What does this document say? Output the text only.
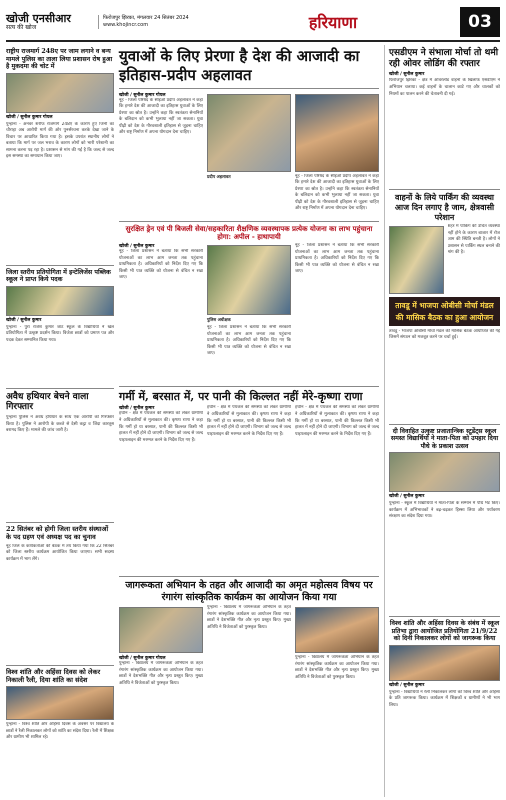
खोजी एनसीआर
सत्य की खोज
फिरोजपुर झिरका, मंगलवार 24 सितंबर 2024
www.khojincr.com	हरियाणा	03
राष्ट्रीय राजमार्ग 248ए पर जाम लगाने व बन्य मामले पुलिस का ताला लिया प्रशासन रोष हुआ है मुकदमा की चोट में
खोजी / सुनील कुमार गोयल
पुन्हाना - अनवर शरीफ राजमार्ग 248ए के कारण हुए जिनी का चौराहा अब आरोपी मार्ग की ओर पुनर्संरचना करके देखा जाने के विचार पर आधारित किया गया है। इसके उपरांत स्थानीय लोगों ने बताया कि मार्ग पर जल भराव के कारण लोगों को भारी परेशानी का सामना करना पड़ रहा है। प्रशासन से मांग की गई है कि जल्द से जल्द इस समस्या का समाधान किया जाए।
जिला स्तरीय प्रतियोगिता में इन्टेलिजेंस पब्लिक स्कूल ने प्राप्त किये पदक
खोजी / सुनील कुमार
पुन्हाना - पुरा राजेश कुमार जाट स्कूल के विद्यार्थियों ने खेल प्रतियोगिता में उत्कृष्ट प्रदर्शन किया। विजेता छात्रों को प्रमाण पत्र और पदक देकर सम्मानित किया गया।
अवैध हथियार बेचने वाला गिरफ्तार
पुन्हाना पुलिस ने अवैध हथियार के साथ एक आरोपी को गिरफ्तार किया है। पुलिस ने आरोपी के कब्जे से देसी कट्टा व जिंदा कारतूस बरामद किए हैं। मामले की जांच जारी है।
22 सितंबर को होगी जिला स्तरीय संस्थाओं के पद ग्रहण एवं अध्यक्ष पद का चुनाव
नूंह जिले के कार्यकर्ताओं की बैठक में तय किया गया कि 22 सितंबर को जिला स्तरीय कार्यक्रम आयोजित किया जाएगा। सभी सदस्य कार्यक्रम में भाग लेंगे।
विश्व शांति और अहिंसा दिवस को लेकर निकाली रैली, दिया शांति का संदेश
पुन्हाना - विश्व शांति और अहिंसा दिवस के अवसर पर विद्यालय के छात्रों ने रैली निकालकर लोगों को शांति का संदेश दिया। रैली में शिक्षक और ग्रामीण भी शामिल रहे।
युवाओं के लिए प्रेरणा है देश की आजादी का इतिहास-प्रदीप अहलावत
खोजी / सुनील कुमार गोयल
नूंह - जिला परिषद के सीईओ प्रदीप अहलावत ने कहा कि हमारे देश की आजादी का इतिहास युवाओं के लिए प्रेरणा का स्रोत है। उन्होंने कहा कि स्वतंत्रता सेनानियों के बलिदान को कभी भुलाया नहीं जा सकता। युवा पीढ़ी को देश के गौरवशाली इतिहास से जुड़ना चाहिए और राष्ट्र निर्माण में अपना योगदान देना चाहिए।
प्रदीप अहलावत	नूंह - जिला परिषद के सीईओ प्रदीप अहलावत ने कहा कि हमारे देश की आजादी का इतिहास युवाओं के लिए प्रेरणा का स्रोत है। उन्होंने कहा कि स्वतंत्रता सेनानियों के बलिदान को कभी भुलाया नहीं जा सकता। युवा पीढ़ी को देश के गौरवशाली इतिहास से जुड़ना चाहिए और राष्ट्र निर्माण में अपना योगदान देना चाहिए।
सुरक्षित ड्रेन एवं पी बिजली सेवा/सहकारिता शैक्षणिक व्यवस्थापक प्रत्येक योजना का लाभ पहुंचाना होगा: अपील - हाथापायी
खोजी / सुनील कुमार
नूंह - जिला प्रशासन ने बताया कि सभी सरकारी योजनाओं का लाभ आम जनता तक पहुंचाना प्राथमिकता है। अधिकारियों को निर्देश दिए गए कि किसी भी पात्र व्यक्ति को योजना से वंचित न रखा जाए।
पुलिस अधीक्षक
नूंह - जिला प्रशासन ने बताया कि सभी सरकारी योजनाओं का लाभ आम जनता तक पहुंचाना प्राथमिकता है। अधिकारियों को निर्देश दिए गए कि किसी भी पात्र व्यक्ति को योजना से वंचित न रखा जाए।
नूंह - जिला प्रशासन ने बताया कि सभी सरकारी योजनाओं का लाभ आम जनता तक पहुंचाना प्राथमिकता है। अधिकारियों को निर्देश दिए गए कि किसी भी पात्र व्यक्ति को योजना से वंचित न रखा जाए।
गर्मी में, बरसात में, पर पानी की किल्लत नहीं मेरे-कृष्णा राणा
खोजी / सुनील कुमार
हथीन - क्षेत्र में पेयजल की समस्या को लेकर ग्रामीणों ने अधिकारियों से मुलाकात की। कृष्णा राणा ने कहा कि गर्मी हो या बरसात, पानी की किल्लत किसी भी हालत में नहीं होने दी जाएगी। विभाग को जल्द से जल्द पाइपलाइन की मरम्मत करने के निर्देश दिए गए हैं।
हथीन - क्षेत्र में पेयजल की समस्या को लेकर ग्रामीणों ने अधिकारियों से मुलाकात की। कृष्णा राणा ने कहा कि गर्मी हो या बरसात, पानी की किल्लत किसी भी हालत में नहीं होने दी जाएगी। विभाग को जल्द से जल्द पाइपलाइन की मरम्मत करने के निर्देश दिए गए हैं।
हथीन - क्षेत्र में पेयजल की समस्या को लेकर ग्रामीणों ने अधिकारियों से मुलाकात की। कृष्णा राणा ने कहा कि गर्मी हो या बरसात, पानी की किल्लत किसी भी हालत में नहीं होने दी जाएगी। विभाग को जल्द से जल्द पाइपलाइन की मरम्मत करने के निर्देश दिए गए हैं।
जागरूकता अभियान के तहत और आजादी का अमृत महोत्सव विषय पर रंगारंग सांस्कृतिक कार्यक्रम का आयोजन किया गया
खोजी / सुनील कुमार गोयल
पुन्हाना - विद्यालय में जागरूकता अभियान के तहत रंगारंग सांस्कृतिक कार्यक्रम का आयोजन किया गया। छात्रों ने देशभक्ति गीत और नृत्य प्रस्तुत किए। मुख्य अतिथि ने विजेताओं को पुरस्कृत किया।
पुन्हाना - विद्यालय में जागरूकता अभियान के तहत रंगारंग सांस्कृतिक कार्यक्रम का आयोजन किया गया। छात्रों ने देशभक्ति गीत और नृत्य प्रस्तुत किए। मुख्य अतिथि ने विजेताओं को पुरस्कृत किया।
पुन्हाना - विद्यालय में जागरूकता अभियान के तहत रंगारंग सांस्कृतिक कार्यक्रम का आयोजन किया गया। छात्रों ने देशभक्ति गीत और नृत्य प्रस्तुत किए। मुख्य अतिथि ने विजेताओं को पुरस्कृत किया।
एसडीएम ने संभाला मोर्चा तो थमी रही ओवर लोडिंग की रफ्तार
खोजी / सुनील कुमार
फिरोजपुर झिरका - क्षेत्र में ओवरलोड वाहनों के खिलाफ एसडीएम ने अभियान चलाया। कई वाहनों के चालान काटे गए और चालकों को नियमों का पालन करने की चेतावनी दी गई।
वाहनों के लिये पार्किंग की व्यवस्था आज दिन लगाए है जाम, क्षेत्रवासी परेशान
शहर में पार्किंग की उचित व्यवस्था नहीं होने के कारण बाजार में रोज जाम की स्थिति बनती है। लोगों ने प्रशासन से पार्किंग स्थल बनाने की मांग की है।
तावडू में भाजपा ओबीसी मोर्चा मंडल की मासिक बैठक का हुआ आयोजन
तावडू - भाजपा ओबीसी मोर्चा मंडल की मासिक बैठक आयोजित की गई जिसमें संगठन को मजबूत करने पर चर्चा हुई।
दी विवाहित उत्कृष्ट प्रजातान्त्रिक स्टूडेंट्स स्कूल समस्त विद्यार्थियों ने माता-पिता को उपहार दिया पौधे के प्रकाश उत्सव
खोजी / सुनील कुमार
पुन्हाना - स्कूल में विद्यार्थियों ने माता-पिता के सम्मान में पौधे भेंट किए। कार्यक्रम में अभिभावकों ने बढ़-चढ़कर हिस्सा लिया और पर्यावरण संरक्षण का संदेश दिया गया।
विश्व शांति और अहिंसा दिवस के संबंध में स्कूल प्रतिभा द्वारा आयोजित प्रतियोगिता 21/9/22 को दिनी निकालकर लोगों को जागरूक किया
खोजी / सुनील कुमार
पुन्हाना - विद्यार्थियों ने रैली निकालकर लोगों को विश्व शांति और अहिंसा के प्रति जागरूक किया। कार्यक्रम में शिक्षकों व ग्रामीणों ने भी भाग लिया।
